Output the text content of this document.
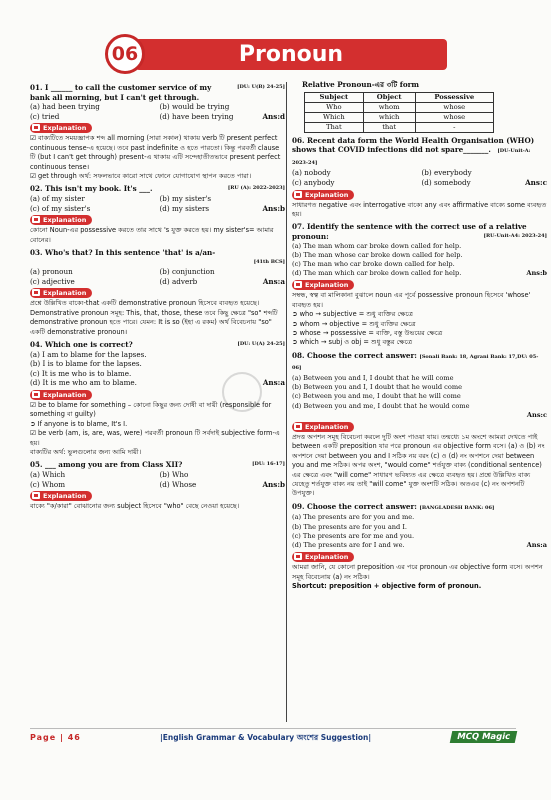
06	Pronoun
[DU: U(B) 24-25]
01. I ______ to call the customer service of my bank all morning, but I can't get through.
(a) had been trying	(b) would be trying
(c) tried	(d) have been trying	Ans:d
Explanation
☑ বাক্যটিতে সময়জ্ঞাপক শব্দ all morning (সারা সকাল) থাকায় verb টি present perfect continuous tense-এ হয়েছে। তবে past indefinite ও হতে পারতো। কিন্তু পরবর্তী clause টি (but I can't get through) present-এ থাকায় এটি সন্দেহাতীতভাবে present perfect continuous tense।
☑ get through অর্থ: সফলভাবে কারো সাথে ফোনে যোগাযোগ স্থাপন করতে পারা।
[RU (A): 2022-2023]
02. This isn't my book. It's ___.
(a) of my sister	(b) my sister's
(c) of my sister's	(d) my sisters	Ans:b
Explanation
কোনো Noun-এর possessive করতে তার সাথে 's যুক্ত করতে হয়। my sister's= আমার বোনের।
03. Who's that? In this sentence 'that' is a/an-
[41th BCS]
(a) pronoun	(b) conjunction
(c) adjective	(d) adverb	Ans:a
Explanation
প্রশ্নে উল্লিখিত বাক্যে-that একটি demonstrative pronoun হিসেবে ব্যবহৃত হয়েছে। Demonstrative pronoun সমূহ: This, that, those, these তবে কিছু ক্ষেত্রে "so" শব্দটি demonstrative pronoun হতে পারে। যেমন: It is so (ইহা এ রকম) অর্থ বিবেচনায় "so" একটি demonstrative pronoun।
[DU: U(A) 24-25]
04. Which one is correct?
(a) I am to blame for the lapses.
(b) I is to blame for the lapses.
(c) It is me who is to blame.
(d) It is me who am to blame.	Ans:a
Explanation
☑ be to blame for something – কোনো কিছুর জন্য দোষী বা দায়ী (responsible for something বা guilty)
➲ If anyone is to blame, It's I.
☑ be verb (am, is, are, was, were) পরবর্তী pronoun টি সর্বদাই subjective form-এ হয়।
বাক্যটির অর্থ: ভুলগুলোর জন্য আমি দায়ী।
[DU: 16-17]
05. ___ among you are from Class XII?
(a) Which	(b) Who
(c) Whom	(d) Whose	Ans:b
Explanation
বাক্যে "ক/কারা" বোঝানোর জন্য subject হিসেবে "who" বেছে নেওয়া হয়েছে।
Relative Pronoun-এর ৩টি form
Subject	Object	Possessive
Who	whom	whose
Which	which	whose
That	that	-
06. Recent data form the World Health Organisation (WHO) shows that COVID infections did not spare_______. [DU-Unit-A: 2023-24]
(a) nobody	(b) everybody
(c) anybody	(d) somebody	Ans:c
Explanation
সাধারণত negative এবং interrogative বাক্যে any এবং affirmative বাক্যে some ব্যবহৃত হয়।
07. Identify the sentence with the correct use of a relative pronoun:	[RU-Unit-A4: 2023-24]
(a) The man whom car broke down called for help.
(b) The man whose car broke down called for help.
(c) The man who car broke down called for help.
(d) The man which car broke down called for help.	Ans:b
Explanation
সম্বন্ধ, স্বত্ব বা মালিকানা বুঝালে noun এর পূর্বে possessive pronoun হিসেবে 'whose' ব্যবহৃত হয়।
➲ who → subjective = শুধু ব্যক্তির ক্ষেত্রে
➲ whom → objective = শুধু ব্যক্তির ক্ষেত্রে
➲ whose → possessive = ব্যক্তি, বস্তু উভয়ের ক্ষেত্রে
➲ which → subj ও obj = শুধু বস্তুর ক্ষেত্রে
08. Choose the correct answer: [Sonali Bank: 18, Agrani Bank: 17,DU: 05-06]
(a) Between you and I, I doubt that he will come
(b) Between you and I, I doubt that he would come
(c) Between you and me, I doubt that he will come
(d) Between you and me, I doubt that he would come
Ans:c
Explanation
প্রদত্ত অপশন সমূহ বিবেচনা করলে দুটি অংশ পাওয়া যায়। তন্মধ্যে ১ম অংশে আমরা দেখতে পাই between একটি preposition যার পরে pronoun এর objective form বসে। (a) ও (b) নং অপশনে দেয়া between you and I সঠিক নয় বরং (c) ও (d) নং অপশনে দেয়া between you and me সঠিক। অপর অংশ, "would come" শর্তযুক্ত বাক্য (conditional sentence) এর ক্ষেত্রে এবং "will come" সাধারণ ভবিষ্যত এর ক্ষেত্রে ব্যবহৃত হয়। প্রশ্নে উল্লিখিত বাক্য যেহেতু শর্তযুক্ত বাক্য নয় তাই "will come" যুক্ত অংশটি সঠিক। অতএব (c) নং অপশনটি উপযুক্ত।
09. Choose the correct answer: [BANGLADESH BANK: 06]
(a) The presents are for you and me.
(b) The presents are for you and I.
(c) The presents are for me and you.
(d) The presents are for I and we.	Ans:a
Explanation
আমরা জানি, যে কোনো preposition এর পরে pronoun এর objective form বসে। অপশন সমূহ বিবেচনায় (a) নং সঠিক।
Shortcut: preposition + objective form of pronoun.
Page | 46	|English Grammar & Vocabulary অংশের Suggestion|	MCQ Magic
